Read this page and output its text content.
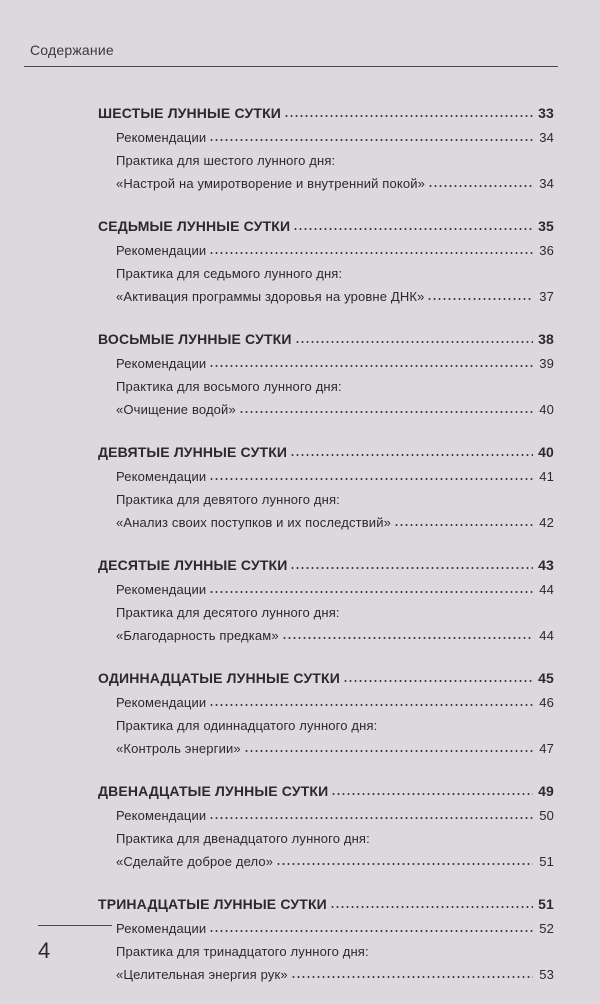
Содержание
ШЕСТЫЕ ЛУННЫЕ СУТКИ	33
Рекомендации	34
Практика для шестого лунного дня:
«Настрой на умиротворение и внутренний покой»	34
СЕДЬМЫЕ ЛУННЫЕ СУТКИ	35
Рекомендации	36
Практика для седьмого лунного дня:
«Активация программы здоровья на уровне ДНК»	37
ВОСЬМЫЕ ЛУННЫЕ СУТКИ	38
Рекомендации	39
Практика для восьмого лунного дня:
«Очищение водой»	40
ДЕВЯТЫЕ ЛУННЫЕ СУТКИ	40
Рекомендации	41
Практика для девятого лунного дня:
«Анализ своих поступков и их последствий»	42
ДЕСЯТЫЕ ЛУННЫЕ СУТКИ	43
Рекомендации	44
Практика для десятого лунного дня:
«Благодарность предкам»	44
ОДИННАДЦАТЫЕ ЛУННЫЕ СУТКИ	45
Рекомендации	46
Практика для одиннадцатого лунного дня:
«Контроль энергии»	47
ДВЕНАДЦАТЫЕ ЛУННЫЕ СУТКИ	49
Рекомендации	50
Практика для двенадцатого лунного дня:
«Сделайте доброе дело»	51
ТРИНАДЦАТЫЕ ЛУННЫЕ СУТКИ	51
Рекомендации	52
Практика для тринадцатого лунного дня:
«Целительная энергия рук»	53
4
